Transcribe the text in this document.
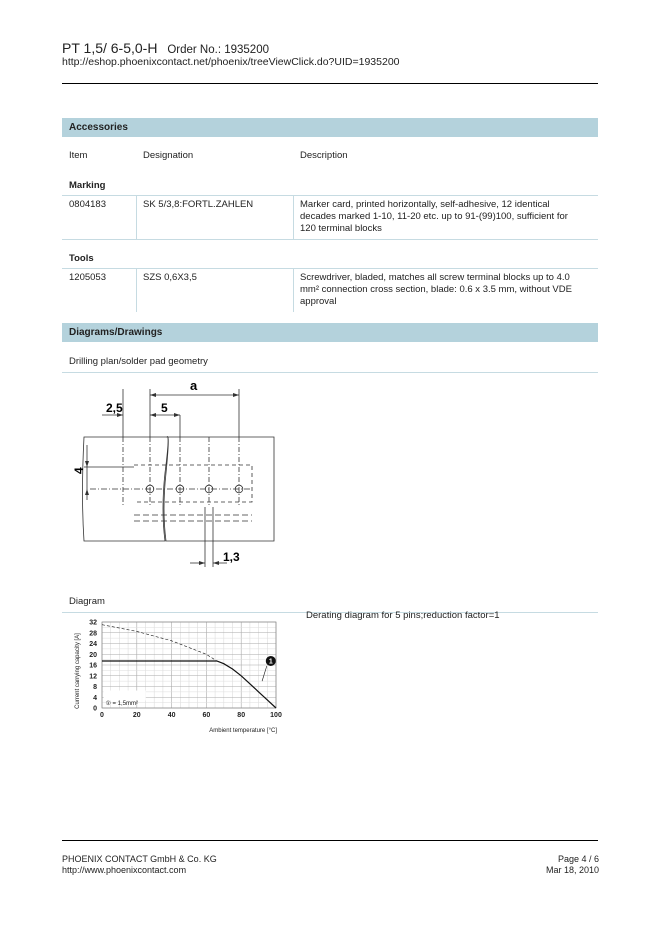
PT 1,5/ 6-5,0-H Order No.: 1935200
http://eshop.phoenixcontact.net/phoenix/treeViewClick.do?UID=1935200
Accessories
Item	Designation	Description
Marking
0804183	SK 5/3,8:FORTL.ZAHLEN	Marker card, printed horizontally, self-adhesive, 12 identical
decades marked 1-10, 11-20 etc. up to 91-(99)100, sufficient for
120 terminal blocks
Tools
1205053	SZS 0,6X3,5	Screwdriver, bladed, matches all screw terminal blocks up to 4.0
mm² connection cross section, blade: 0.6 x 3.5 mm, without VDE
approval
Diagrams/Drawings
Drilling plan/solder pad geometry
a
2,5	5
4
1,3
Diagram
Derating diagram for 5 pins;reduction factor=1
0
4
8
12
16
20
24
28
32
0	20	40	60	80	100
Ambient temperature [°C]
Current carrying capacity [A]	1
① = 1,5mm²
PHOENIX CONTACT GmbH & Co. KG
http://www.phoenixcontact.com
Page 4 / 6
Mar 18, 2010
